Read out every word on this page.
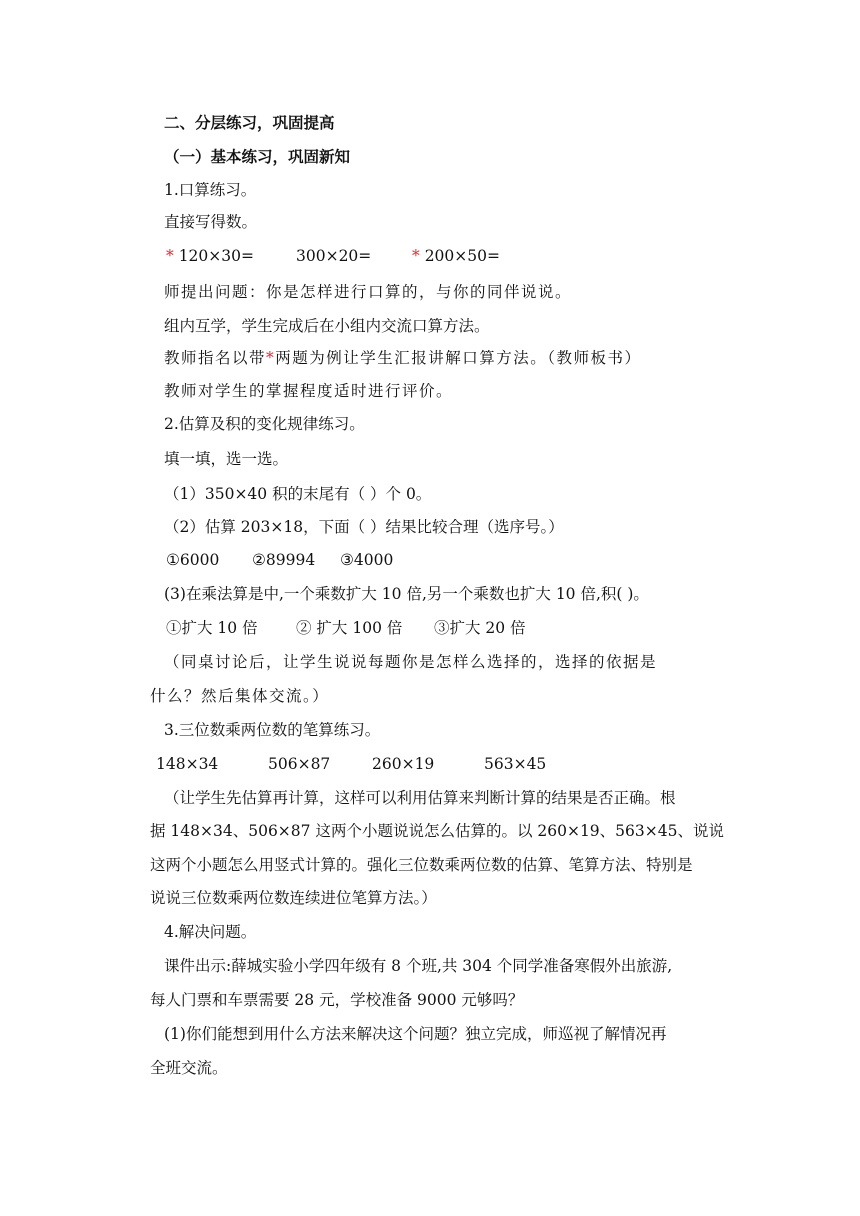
二、分层练习，巩固提高
（一）基本练习，巩固新知
1.口算练习。
直接写得数。
* 120×30=	300×20=	* 200×50=
师提出问题：你是怎样进行口算的，与你的同伴说说。
组内互学，学生完成后在小组内交流口算方法。
教师指名以带*两题为例让学生汇报讲解口算方法。（教师板书）
教师对学生的掌握程度适时进行评价。
2.估算及积的变化规律练习。
填一填，选一选。
（1）350×40 积的末尾有（ ）个 0。
（2）估算 203×18，下面（ ）结果比较合理（选序号。）
①6000 ②89994 ③4000
(3)在乘法算是中,一个乘数扩大 10 倍,另一个乘数也扩大 10 倍,积( )。
①扩大 10 倍 ② 扩大 100 倍 ③扩大 20 倍
（同桌讨论后，让学生说说每题你是怎样么选择的，选择的依据是
什么？然后集体交流。）
3.三位数乘两位数的笔算练习。
148×34	506×87	260×19	563×45
（让学生先估算再计算，这样可以利用估算来判断计算的结果是否正确。根
据 148×34、506×87 这两个小题说说怎么估算的。以 260×19、563×45、说说
这两个小题怎么用竖式计算的。强化三位数乘两位数的估算、笔算方法、特别是
说说三位数乘两位数连续进位笔算方法。）
4.解决问题。
课件出示:薛城实验小学四年级有 8 个班,共 304 个同学准备寒假外出旅游,
每人门票和车票需要 28 元，学校准备 9000 元够吗？
(1)你们能想到用什么方法来解决这个问题？独立完成，师巡视了解情况再
全班交流。
